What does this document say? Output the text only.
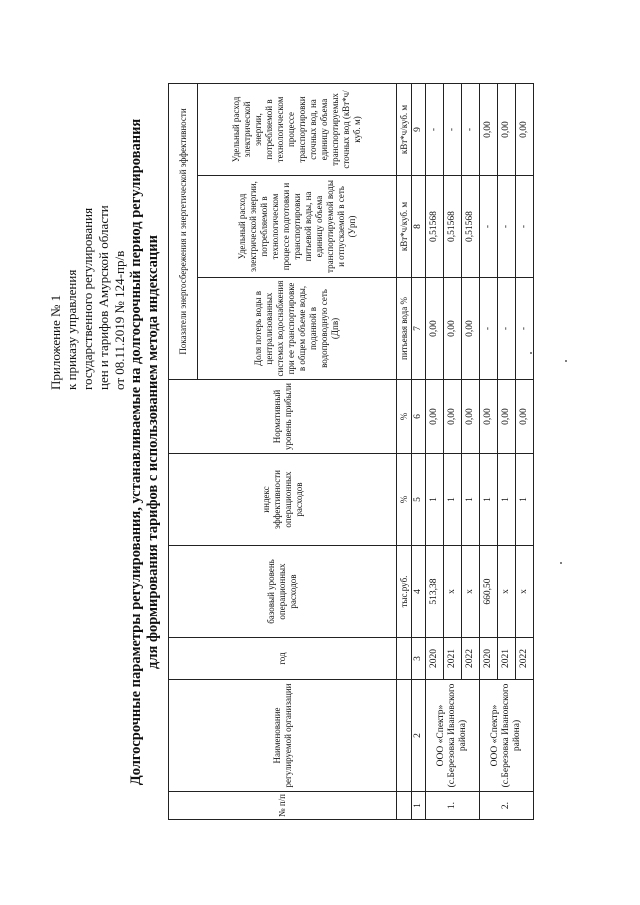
Приложение № 1 к приказу управления государственного регулирования цен и тарифов Амурской области от 08.11.2019 № 124-пр/в Долгосрочные параметры регулирования, устанавливаемые на долгосрочный период регулирования для формирования тарифов с использованием метода индексации
№ п/п	Наименование регулируемой организации	год	базовый уровень операционных расходов	индекс эффективности операционных расходов	Нормативный уровень прибыли	Показатели энергосбережения и энергетической эффективности		
						Доля потерь воды в централизованных системах водоснабжения при ее транспортировке в общем объеме воды, поданной в водопроводную сеть (Дпв)	Удельный расход электрической энергии, потребляемой в технологическом процессе подготовки и транспортировки питьевой воды, на единицу объема транспортируемой воды и отпускаемой в сеть (Уpп)	Удельный расход электрической энергии, потребляемой в технологическом процессе транспортировки сточных вод, на единицу объема транспортируемых сточных вод (кВт*ч/куб. м)
			тыс.руб.	%	%	питьевая вода %	кВт*ч/куб. м	кВт*ч/куб. м
1	2	3	4	5	6	7	8	9
1.	ООО «Спектр» (с.Березовка Ивановского района)	2020	513,38	1	0,00	0,00	0,51568	-
		2021	х	1	0,00	0,00	0,51568	-
		2022	х	1	0,00	0,00	0,51568	-
2.	ООО «Спектр» (с.Березовка Ивановского района)	2020	660,50	1	0,00	-	-	0,00
		2021	х	1	0,00	-	-	0,00
		2022	х	1	0,00	-	-	0,00
